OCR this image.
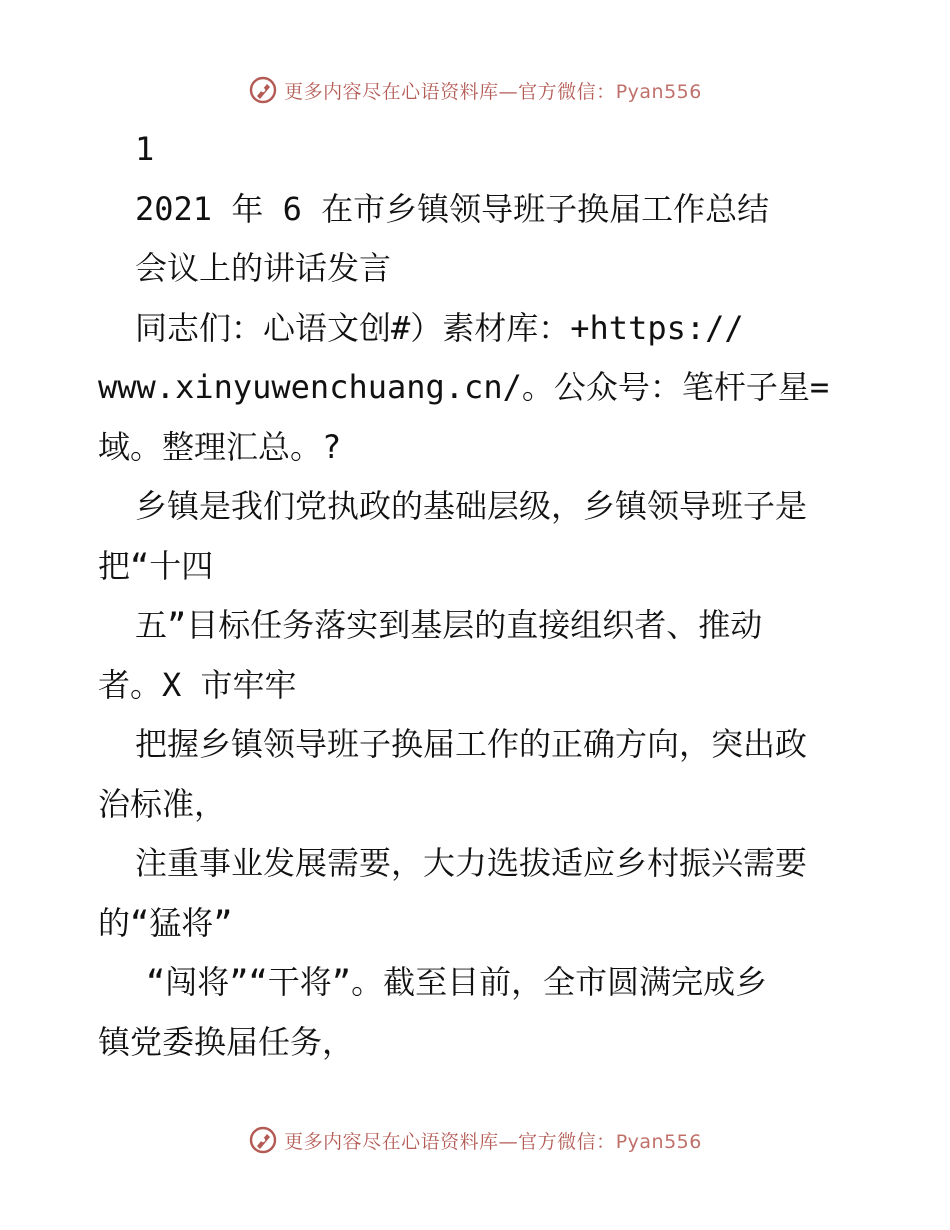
更多内容尽在心语资料库—官方微信：Pyan556
1
2021 年 6 在市乡镇领导班子换届工作总结
会议上的讲话发言
同志们：心语文创#）素材库：+https://
www.xinyuwenchuang.cn/。公众号：笔杆子星=
域。整理汇总。?
乡镇是我们党执政的基础层级，乡镇领导班子是
把“十四
五”目标任务落实到基层的直接组织者、推动
者。X 市牢牢
把握乡镇领导班子换届工作的正确方向，突出政
治标准，
注重事业发展需要，大力选拔适应乡村振兴需要
的“猛将”
“闯将”“干将”。截至目前，全市圆满完成乡
镇党委换届任务，
更多内容尽在心语资料库—官方微信：Pyan556
